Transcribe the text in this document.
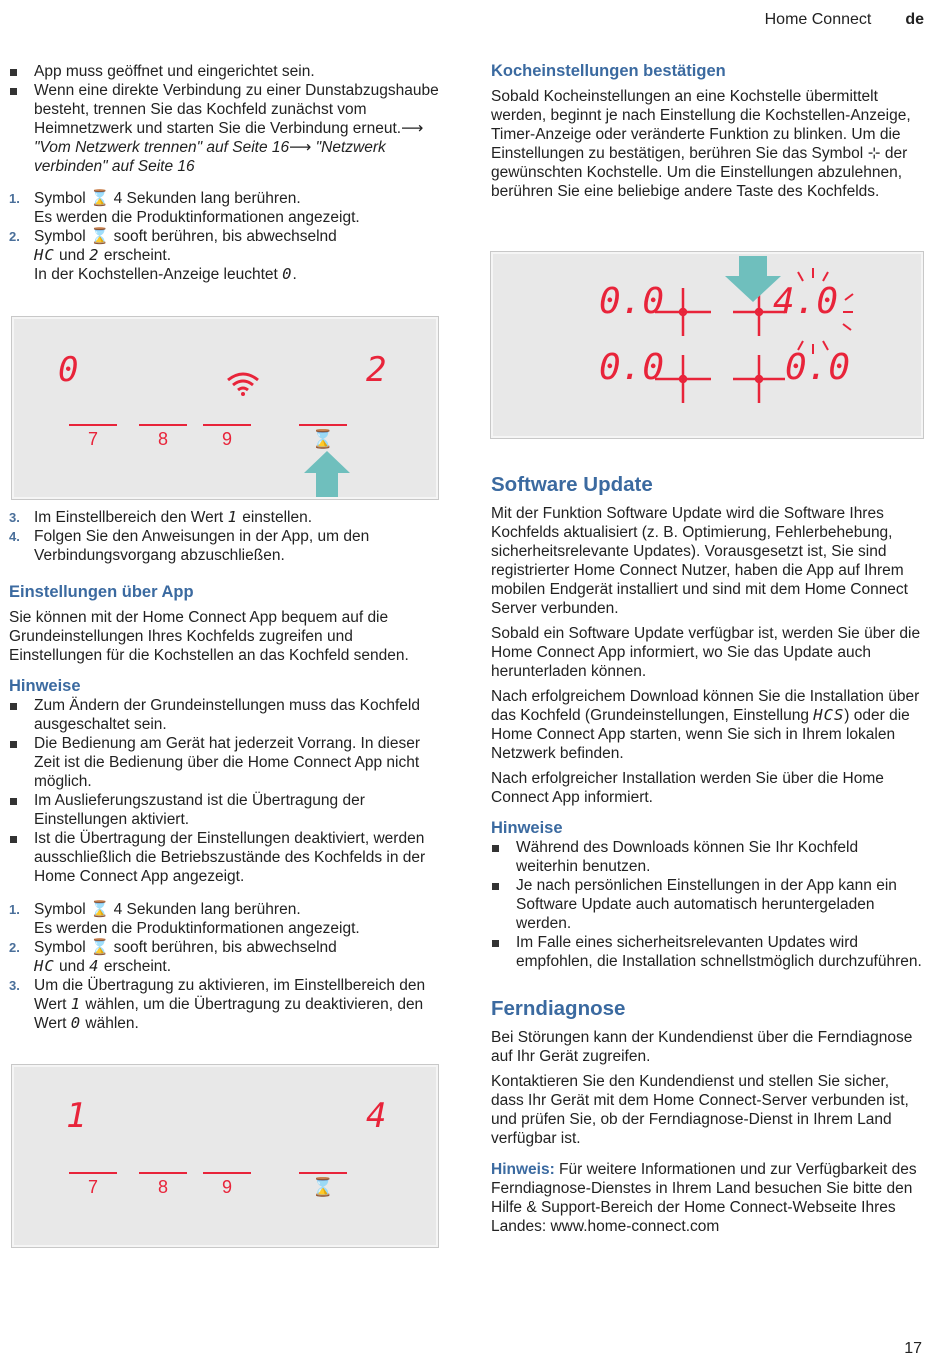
Home Connect de
App muss geöffnet und eingerichtet sein.
Wenn eine direkte Verbindung zu einer Dunstabzugshaube besteht, trennen Sie das Kochfeld zunächst vom Heimnetzwerk und starten Sie die Verbindung erneut.⟶ "Vom Netzwerk trennen" auf Seite 16⟶ "Netzwerk verbinden" auf Seite 16
1. Symbol ⌛ 4 Sekunden lang berühren.
Es werden die Produktinformationen angezeigt.
2. Symbol ⌛ sooft berühren, bis abwechselnd
HC und 2 erscheint.
In der Kochstellen-Anzeige leuchtet 0.
0	2
7	8	9	⌛
3. Im Einstellbereich den Wert 1 einstellen.
4. Folgen Sie den Anweisungen in der App, um den Verbindungsvorgang abzuschließen.
Einstellungen über App

Sie können mit der Home Connect App bequem auf die Grundeinstellungen Ihres Kochfelds zugreifen und Einstellungen für die Kochstellen an das Kochfeld senden.

Hinweise
Zum Ändern der Grundeinstellungen muss das Kochfeld ausgeschaltet sein.
Die Bedienung am Gerät hat jederzeit Vorrang. In dieser Zeit ist die Bedienung über die Home Connect App nicht möglich.
Im Auslieferungszustand ist die Übertragung der Einstellungen aktiviert.
Ist die Übertragung der Einstellungen deaktiviert, werden ausschließlich die Betriebszustände des Kochfelds in der Home Connect App angezeigt.
1. Symbol ⌛ 4 Sekunden lang berühren.
Es werden die Produktinformationen angezeigt.
2. Symbol ⌛ sooft berühren, bis abwechselnd
HC und 4 erscheint.
3. Um die Übertragung zu aktivieren, im Einstellbereich den Wert 1 wählen, um die Übertragung zu deaktivieren, den Wert 0 wählen.
1	4
7	8	9	⌛
Kocheinstellungen bestätigen

Sobald Kocheinstellungen an eine Kochstelle übermittelt werden, beginnt je nach Einstellung die Kochstellen-Anzeige, Timer-Anzeige oder veränderte Funktion zu blinken. Um die Einstellungen zu bestätigen, berühren Sie das Symbol ⊹ der gewünschten Kochstelle. Um die Einstellungen abzulehnen, berühren Sie eine beliebige andere Taste des Kochfelds.

0.0	4.0
0.0	0.0
Software Update

Mit der Funktion Software Update wird die Software Ihres Kochfelds aktualisiert (z. B. Optimierung, Fehlerbehebung, sicherheitsrelevante Updates). Vorausgesetzt ist, Sie sind registrierter Home Connect Nutzer, haben die App auf Ihrem mobilen Endgerät installiert und sind mit dem Home Connect Server verbunden.

Sobald ein Software Update verfügbar ist, werden Sie über die Home Connect App informiert, wo Sie das Update auch herunterladen können.

Nach erfolgreichem Download können Sie die Installation über das Kochfeld (Grundeinstellungen, Einstellung HCS) oder die Home Connect App starten, wenn Sie sich in Ihrem lokalen Netzwerk befinden.

Nach erfolgreicher Installation werden Sie über die Home Connect App informiert.

Hinweise
Während des Downloads können Sie Ihr Kochfeld weiterhin benutzen.
Je nach persönlichen Einstellungen in der App kann ein Software Update auch automatisch heruntergeladen werden.
Im Falle eines sicherheitsrelevanten Updates wird empfohlen, die Installation schnellstmöglich durchzuführen.
Ferndiagnose

Bei Störungen kann der Kundendienst über die Ferndiagnose auf Ihr Gerät zugreifen.

Kontaktieren Sie den Kundendienst und stellen Sie sicher, dass Ihr Gerät mit dem Home Connect-Server verbunden ist, und prüfen Sie, ob der Ferndiagnose-Dienst in Ihrem Land verfügbar ist.

Hinweis: Für weitere Informationen und zur Verfügbarkeit des Ferndiagnose-Dienstes in Ihrem Land besuchen Sie bitte den Hilfe & Support-Bereich der Home Connect-Webseite Ihres Landes: www.home-connect.com

17
